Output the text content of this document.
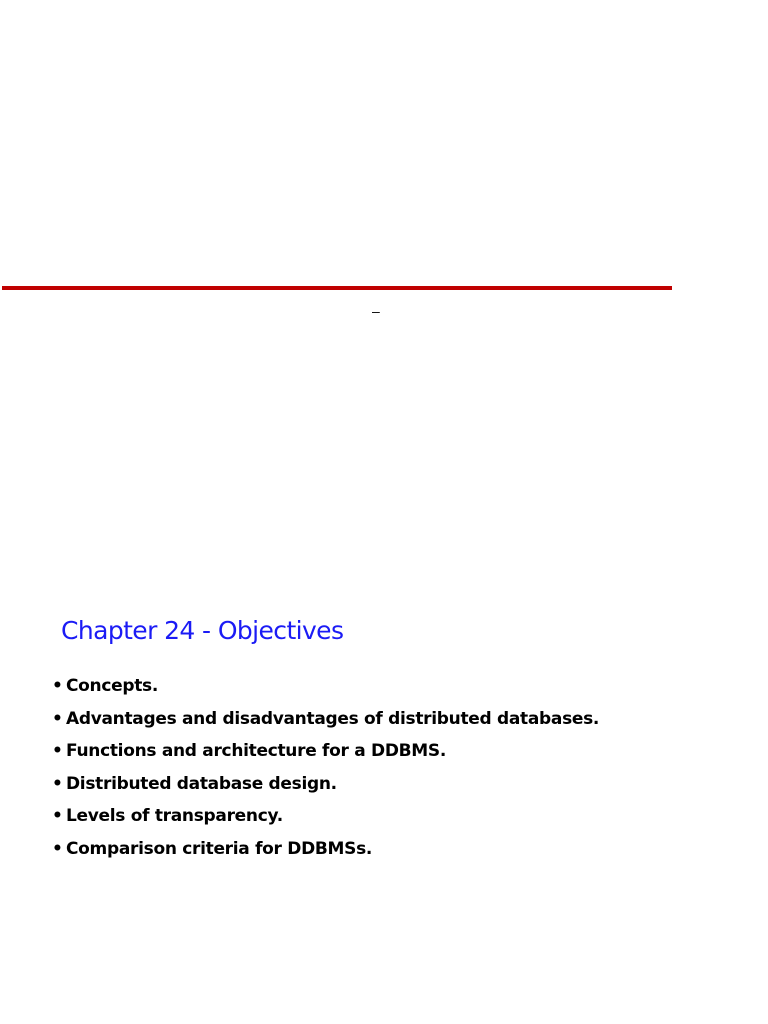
–
Chapter 24 - Objectives
• Concepts.
• Advantages and disadvantages of distributed databases.
• Functions and architecture for a DDBMS.
• Distributed database design.
• Levels of transparency.
• Comparison criteria for DDBMSs.
